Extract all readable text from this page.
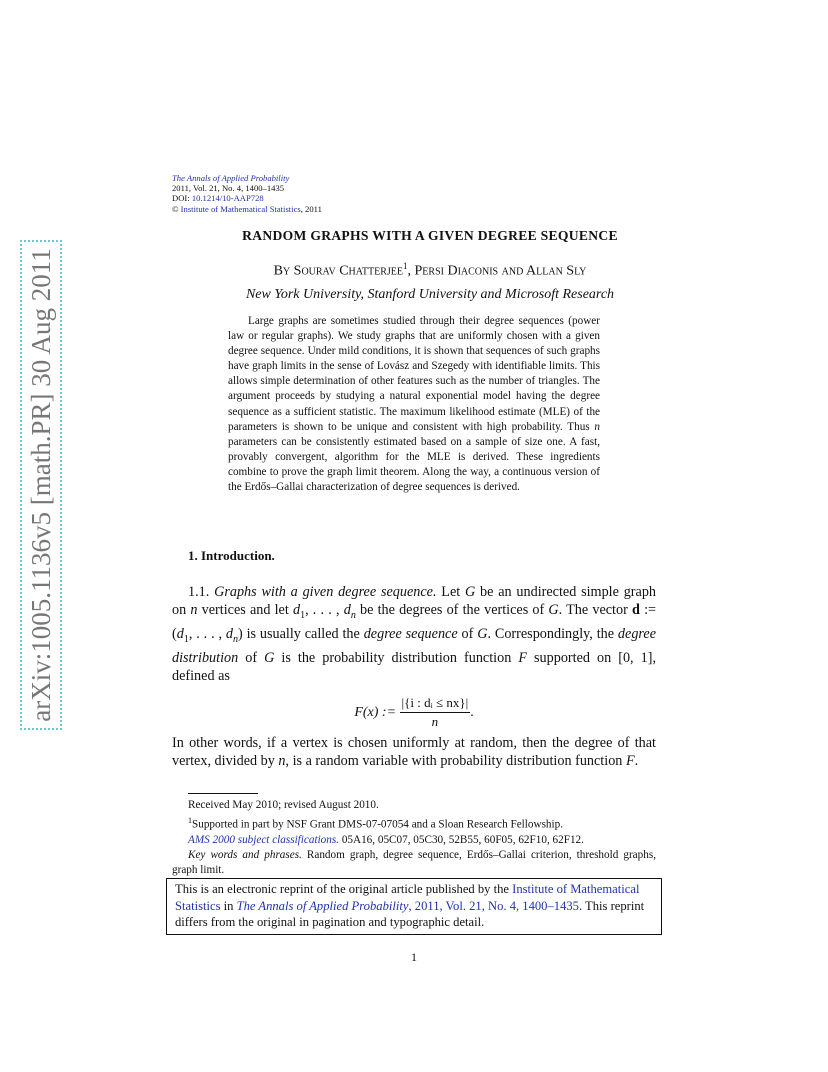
arXiv:1005.1136v5 [math.PR] 30 Aug 2011
The Annals of Applied Probability
2011, Vol. 21, No. 4, 1400–1435
DOI: 10.1214/10-AAP728
© Institute of Mathematical Statistics, 2011
RANDOM GRAPHS WITH A GIVEN DEGREE SEQUENCE
By Sourav Chatterjee$^1$, Persi Diaconis and Allan Sly
New York University, Stanford University and Microsoft Research

Large graphs are sometimes studied through their degree sequences (power law or regular graphs). We study graphs that are uniformly chosen with a given degree sequence. Under mild conditions, it is shown that sequences of such graphs have graph limits in the sense of Lovász and Szegedy with identifiable limits. This allows simple determination of other features such as the number of triangles. The argument proceeds by studying a natural exponential model having the degree sequence as a sufficient statistic. The maximum likelihood estimate (MLE) of the parameters is shown to be unique and consistent with high probability. Thus n parameters can be consistently estimated based on a sample of size one. A fast, provably convergent, algorithm for the MLE is derived. These ingredients combine to prove the graph limit theorem. Along the way, a continuous version of the Erdős–Gallai characterization of degree sequences is derived.

1. Introduction.

1.1. Graphs with a given degree sequence. Let G be an undirected simple graph on n vertices and let $d_1$, . . . , $d_n$ be the degrees of the vertices of G. The vector d := ($d_1$, . . . , $d_n$) is usually called the degree sequence of G. Correspondingly, the degree distribution of G is the probability distribution function F supported on [0, 1], defined as

F(x) := $\frac{\text{|\{i : dᵢ ≤ nx\}|}}{n}$ .

In other words, if a vertex is chosen uniformly at random, then the degree of that vertex, divided by n, is a random variable with probability distribution function F.

Received May 2010; revised August 2010.
$^1$Supported in part by NSF Grant DMS-07-07054 and a Sloan Research Fellowship.
AMS 2000 subject classifications. 05A16, 05C07, 05C30, 52B55, 60F05, 62F10, 62F12.
Key words and phrases. Random graph, degree sequence, Erdős–Gallai criterion, threshold graphs, graph limit.
This is an electronic reprint of the original article published by the Institute of Mathematical Statistics in The Annals of Applied Probability, 2011, Vol. 21, No. 4, 1400–1435. This reprint differs from the original in pagination and typographic detail.
1
